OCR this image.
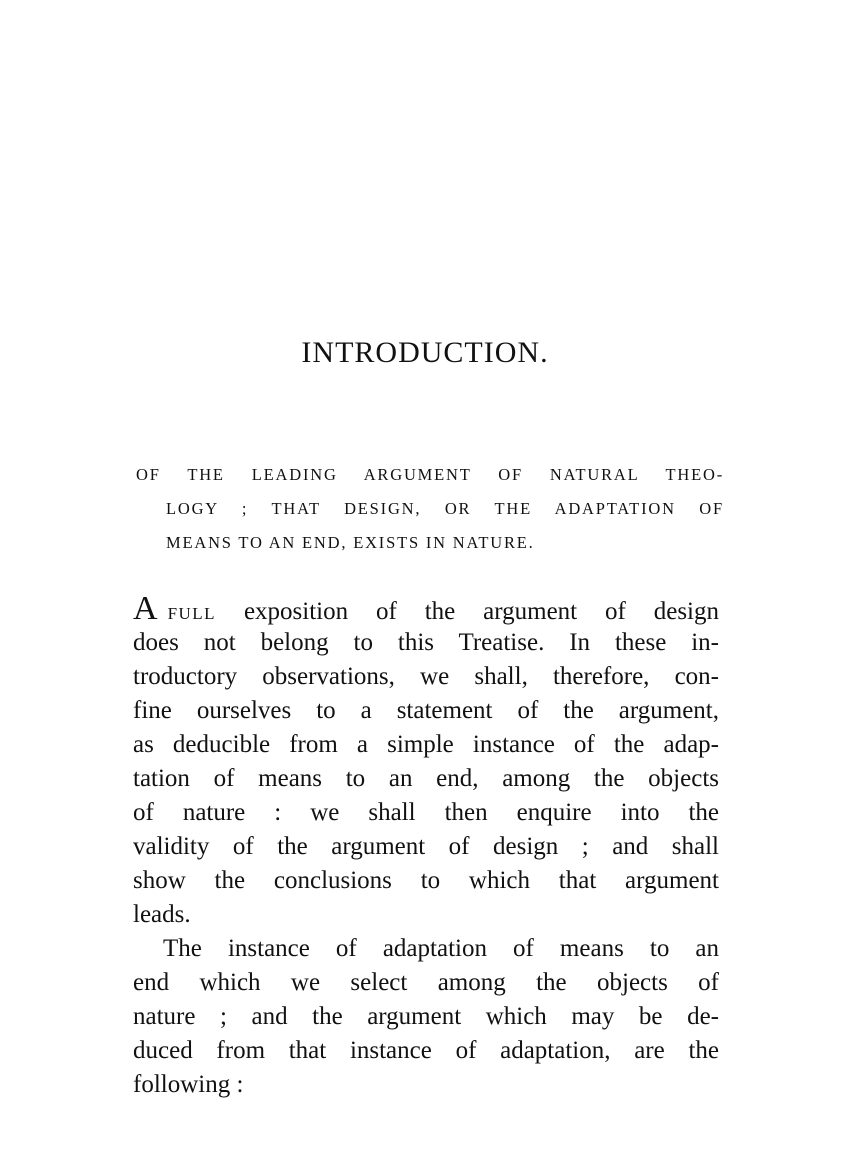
INTRODUCTION.
OF THE LEADING ARGUMENT OF NATURAL THEO-
LOGY ; THAT DESIGN, OR THE ADAPTATION OF
MEANS TO AN END, EXISTS IN NATURE.
AFULL exposition of the argument of design
does not belong to this Treatise. In these in-
troductory observations, we shall, therefore, con-
fine ourselves to a statement of the argument,
as deducible from a simple instance of the adap-
tation of means to an end, among the objects
of nature : we shall then enquire into the
validity of the argument of design ; and shall
show the conclusions to which that argument
leads.
The instance of adaptation of means to an
end which we select among the objects of
nature ; and the argument which may be de-
duced from that instance of adaptation, are the
following :
